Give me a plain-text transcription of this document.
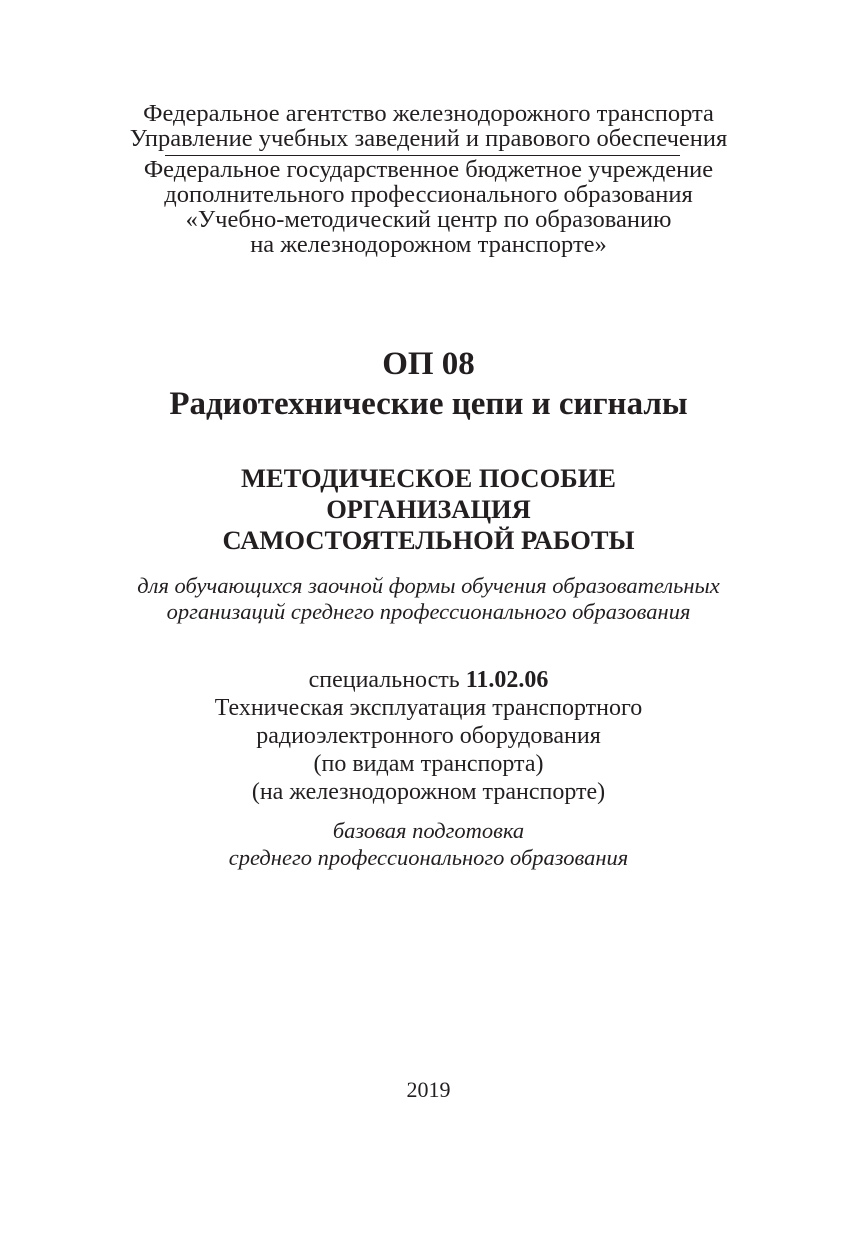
Федеральное агентство железнодорожного транспорта
Управление учебных заведений и правового обеспечения
Федеральное государственное бюджетное учреждение
дополнительного профессионального образования
«Учебно-методический центр по образованию
на железнодорожном транспорте»
ОП 08
Радиотехнические цепи и сигналы
МЕТОДИЧЕСКОЕ ПОСОБИЕ
ОРГАНИЗАЦИЯ
САМОСТОЯТЕЛЬНОЙ РАБОТЫ
для обучающихся заочной формы обучения образовательных
организаций среднего профессионального образования
специальность 11.02.06
Техническая эксплуатация транспортного
радиоэлектронного оборудования
(по видам транспорта)
(на железнодорожном транспорте)
базовая подготовка
среднего профессионального образования
2019
